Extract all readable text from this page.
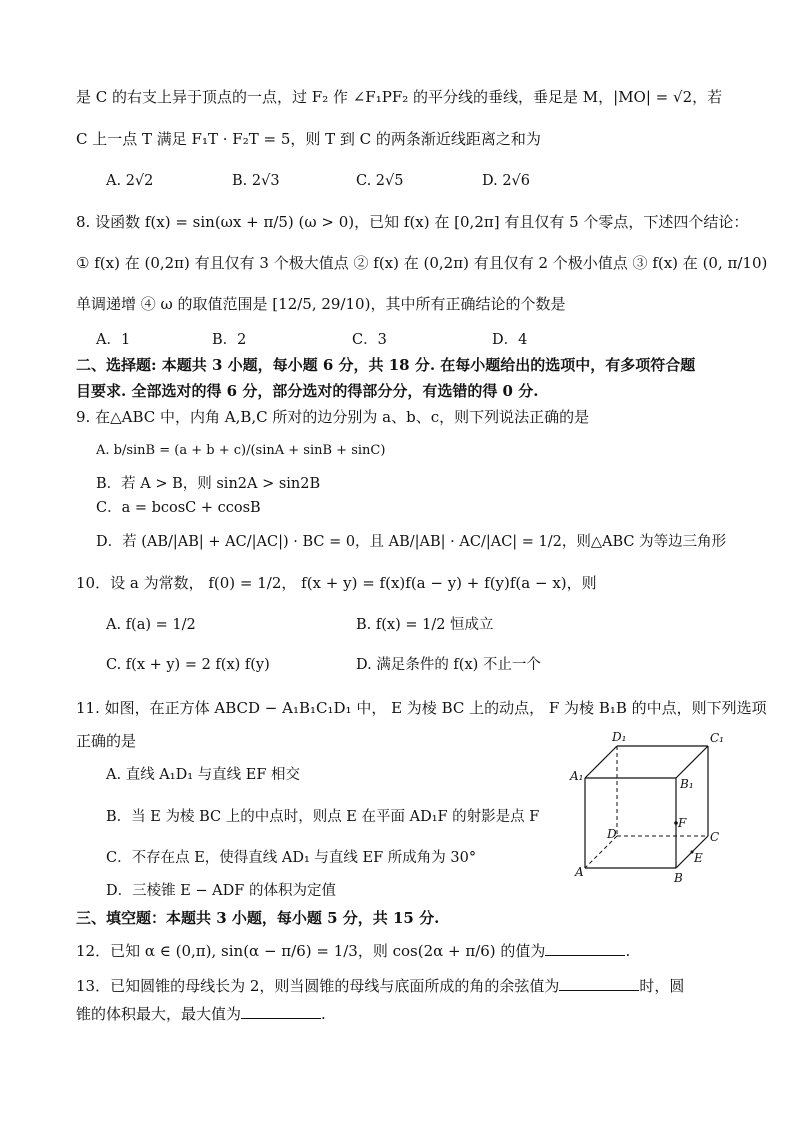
是 C 的右支上异于顶点的一点，过 F₂ 作 ∠F₁PF₂ 的平分线的垂线，垂足是 M，|MO| = √2，若
C 上一点 T 满足 F₁T · F₂T = 5，则 T 到 C 的两条渐近线距离之和为
A. 2√2	B. 2√3	C. 2√5	D. 2√6
8. 设函数 f(x) = sin(ωx + π/5) (ω > 0)，已知 f(x) 在 [0,2π] 有且仅有 5 个零点，下述四个结论：
① f(x) 在 (0,2π) 有且仅有 3 个极大值点 ② f(x) 在 (0,2π) 有且仅有 2 个极小值点 ③ f(x) 在 (0, π/10)
单调递增 ④ ω 的取值范围是 [12/5, 29/10)，其中所有正确结论的个数是
A．1	B．2	C．3	D．4
二、选择题: 本题共 3 小题，每小题 6 分，共 18 分. 在每小题给出的选项中，有多项符合题
目要求. 全部选对的得 6 分，部分选对的得部分分，有选错的得 0 分.
9. 在△ABC 中，内角 A,B,C 所对的边分别为 a、b、c，则下列说法正确的是
A. b/sinB = (a + b + c)/(sinA + sinB + sinC)
B．若 A > B，则 sin2A > sin2B
C．a = bcosC + ccosB
D．若 (AB/|AB| + AC/|AC|) · BC = 0，且 AB/|AB| · AC/|AC| = 1/2，则△ABC 为等边三角形
10．设 a 为常数， f(0) = 1/2， f(x + y) = f(x)f(a − y) + f(y)f(a − x)，则
A. f(a) = 1/2	B. f(x) = 1/2 恒成立
C. f(x + y) = 2 f(x) f(y)	D. 满足条件的 f(x) 不止一个
11. 如图，在正方体 ABCD − A₁B₁C₁D₁ 中， E 为棱 BC 上的动点， F 为棱 B₁B 的中点，则下列选项
正确的是
A. 直线 A₁D₁ 与直线 EF 相交
B．当 E 为棱 BC 上的中点时，则点 E 在平面 AD₁F 的射影是点 F
C．不存在点 E，使得直线 AD₁ 与直线 EF 所成角为 30°
D．三棱锥 E − ADF 的体积为定值
D₁	C₁
A₁
B₁
D	C
F
E
A	B
三、填空题：本题共 3 小题，每小题 5 分，共 15 分.
12．已知 α ∈ (0,π), sin(α − π/6) = 1/3，则 cos(2α + π/6) 的值为	.
13．已知圆锥的母线长为 2，则当圆锥的母线与底面所成的角的余弦值为	时，圆
锥的体积最大，最大值为	.
